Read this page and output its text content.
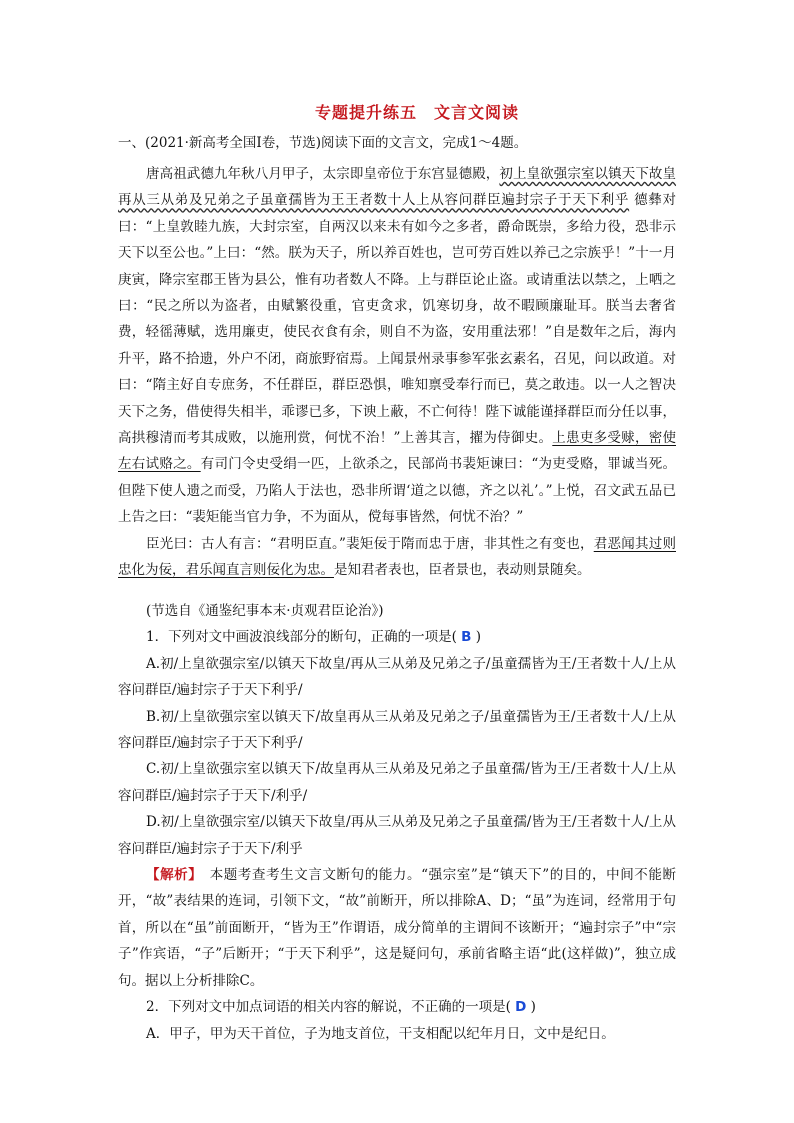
专题提升练五　文言文阅读
一、(2021·新高考全国Ⅰ卷，节选)阅读下面的文言文，完成1～4题。

唐高祖武德九年秋八月甲子，太宗即皇帝位于东宫显德殿，初上皇欲强宗室以镇天下故皇再从三从弟及兄弟之子虽童孺皆为王王者数十人上从容问群臣遍封宗子于天下利乎 德彝对曰：“上皇敦睦九族，大封宗室，自两汉以来未有如今之多者，爵命既崇，多给力役，恐非示天下以至公也。”上曰：“然。朕为天子，所以养百姓也，岂可劳百姓以养己之宗族乎！”十一月庚寅，降宗室郡王皆为县公，惟有功者数人不降。上与群臣论止盗。或请重法以禁之，上哂之曰：“民之所以为盗者，由赋繁役重，官吏贪求，饥寒切身，故不暇顾廉耻耳。朕当去奢省费，轻徭薄赋，选用廉吏，使民衣食有余，则自不为盗，安用重法邪！”自是数年之后，海内升平，路不拾遗，外户不闭，商旅野宿焉。上闻景州录事参军张玄素名，召见，问以政道。对曰：“隋主好自专庶务，不任群臣，群臣恐惧，唯知禀受奉行而已，莫之敢违。以一人之智决天下之务，借使得失相半，乖谬已多，下谀上蔽，不亡何待！陛下诚能谨择群臣而分任以事，高拱穆清而考其成败，以施刑赏，何忧不治！”上善其言，擢为侍御史。上患吏多受赇，密使左右试赂之。有司门令史受绢一匹，上欲杀之，民部尚书裴矩谏曰：“为吏受赂，罪诚当死。但陛下使人遗之而受，乃陷人于法也，恐非所谓‘道之以德，齐之以礼’。”上悦，召文武五品已上告之曰：“裴矩能当官力争，不为面从，傥每事皆然，何忧不治？”

臣光曰：古人有言：“君明臣直。”裴矩佞于隋而忠于唐，非其性之有变也，君恶闻其过则忠化为佞，君乐闻直言则佞化为忠。是知君者表也，臣者景也，表动则景随矣。

(节选自《通鉴纪事本末·贞观君臣论治》)

1．下列对文中画波浪线部分的断句，正确的一项是( B )

A.初/上皇欲强宗室/以镇天下故皇/再从三从弟及兄弟之子/虽童孺皆为王/王者数十人/上从容问群臣/遍封宗子于天下利乎/

B.初/上皇欲强宗室以镇天下/故皇再从三从弟及兄弟之子/虽童孺皆为王/王者数十人/上从容问群臣/遍封宗子于天下利乎/

C.初/上皇欲强宗室以镇天下/故皇再从三从弟及兄弟之子虽童孺/皆为王/王者数十人/上从容问群臣/遍封宗子于天下/利乎/

D.初/上皇欲强宗室/以镇天下故皇/再从三从弟及兄弟之子虽童孺/皆为王/王者数十人/上从容问群臣/遍封宗子于天下/利乎

【解析】　本题考查考生文言文断句的能力。“强宗室”是“镇天下”的目的，中间不能断开，“故”表结果的连词，引领下文，“故”前断开，所以排除A、D；“虽”为连词，经常用于句首，所以在“虽”前面断开，“皆为王”作谓语，成分简单的主谓间不该断开；“遍封宗子”中“宗子”作宾语，“子”后断开；“于天下利乎”，这是疑问句，承前省略主语“此(这样做)”，独立成句。据以上分析排除C。

2．下列对文中加点词语的相关内容的解说，不正确的一项是( D )

A．甲子，甲为天干首位，子为地支首位，干支相配以纪年月日，文中是纪日。
